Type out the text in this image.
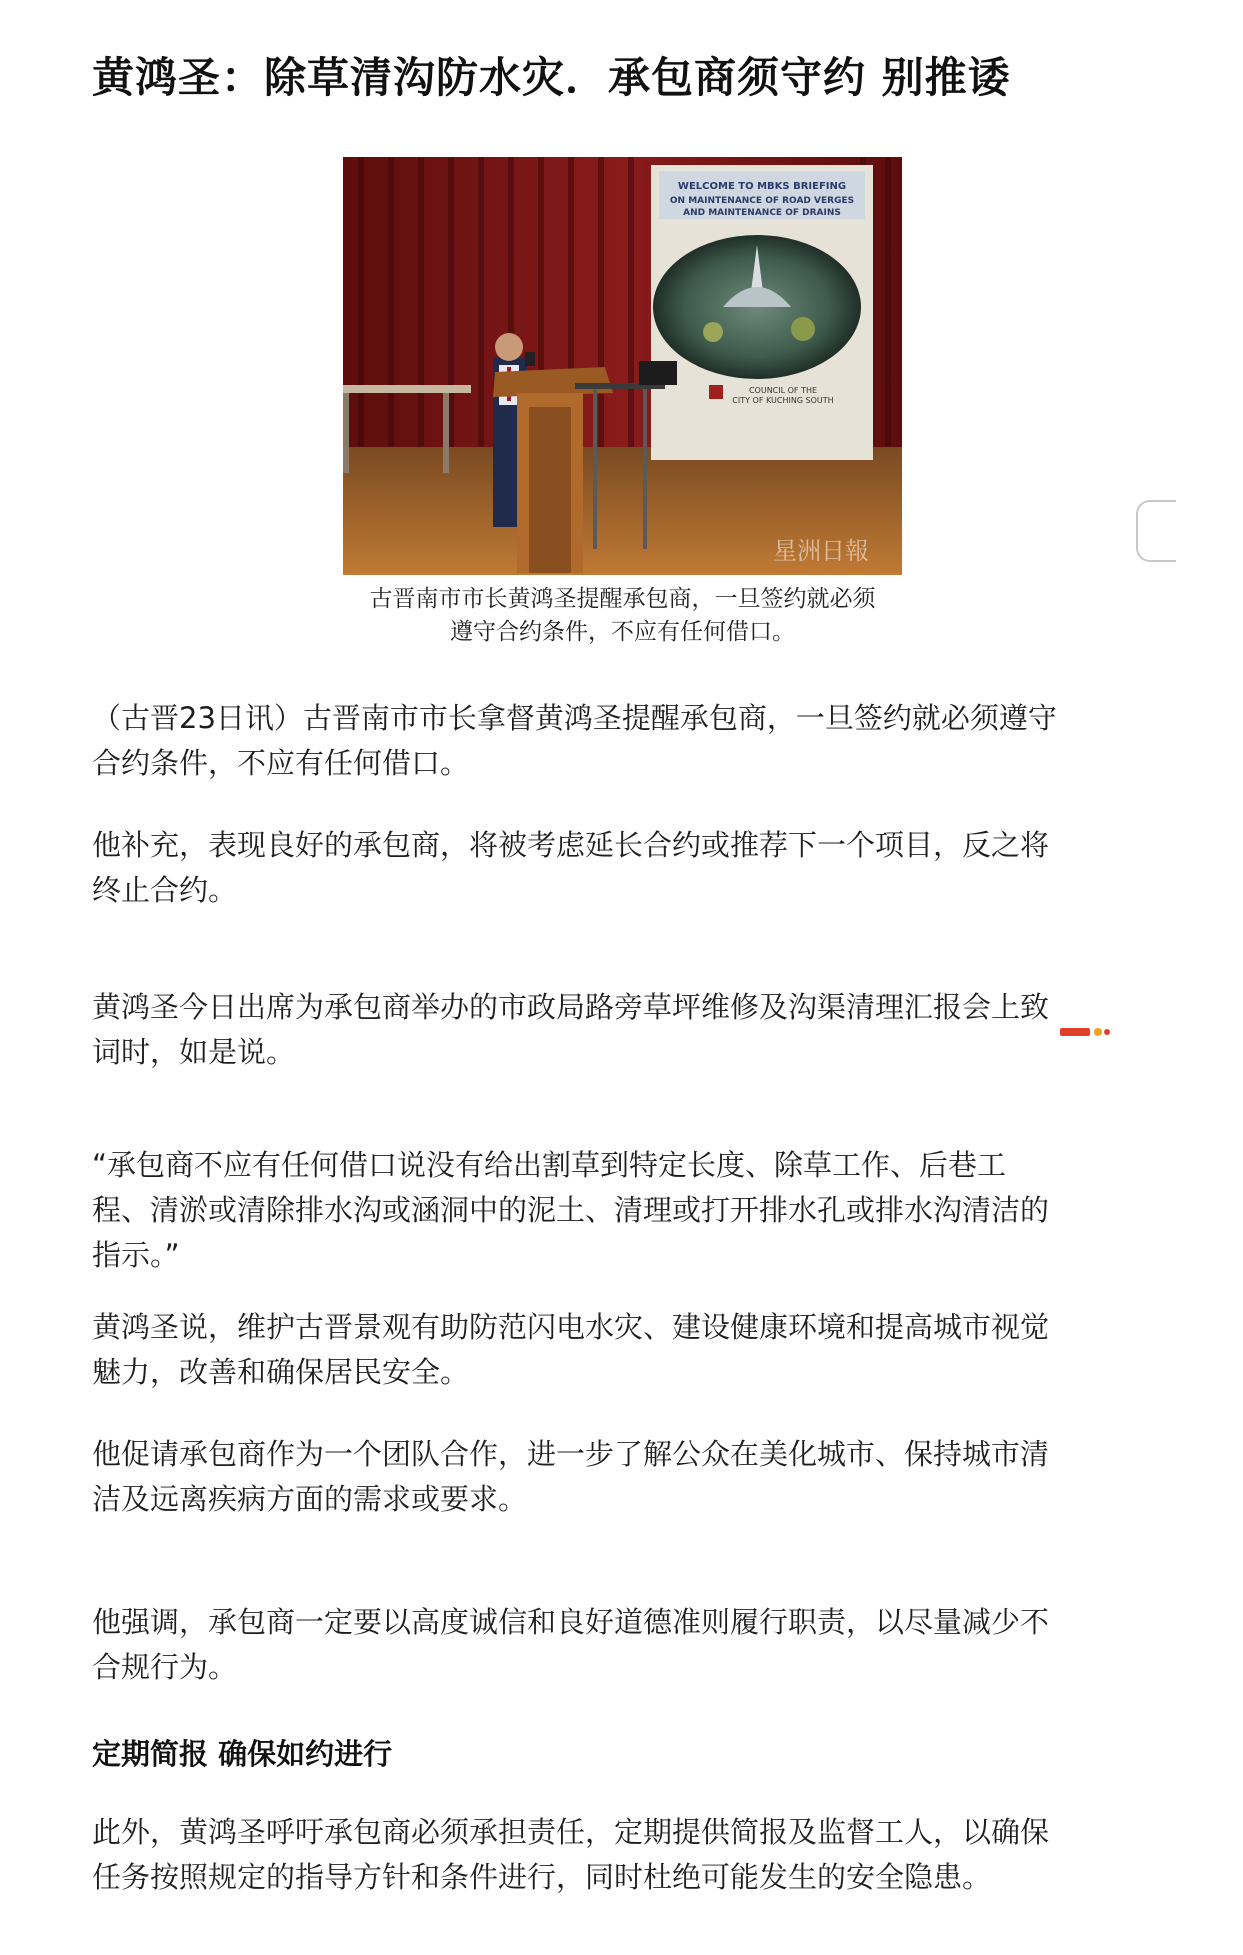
黄鸿圣：除草清沟防水灾．承包商须守约 别推诿
WELCOME TO MBKS BRIEFING
ON MAINTENANCE OF ROAD VERGES
AND MAINTENANCE OF DRAINS
COUNCIL OF THE
CITY OF KUCHING SOUTH
星洲日報
古晋南市市长黄鸿圣提醒承包商，一旦签约就必须
遵守合约条件，不应有任何借口。

（古晋23日讯）古晋南市市长拿督黄鸿圣提醒承包商，一旦签约就必须遵守
合约条件，不应有任何借口。

他补充，表现良好的承包商，将被考虑延长合约或推荐下一个项目，反之将
终止合约。

黄鸿圣今日出席为承包商举办的市政局路旁草坪维修及沟渠清理汇报会上致
词时，如是说。

“承包商不应有任何借口说没有给出割草到特定长度、除草工作、后巷工
程、清淤或清除排水沟或涵洞中的泥土、清理或打开排水孔或排水沟清洁的
指示。”

黄鸿圣说，维护古晋景观有助防范闪电水灾、建设健康环境和提高城市视觉
魅力，改善和确保居民安全。

他促请承包商作为一个团队合作，进一步了解公众在美化城市、保持城市清
洁及远离疾病方面的需求或要求。

他强调，承包商一定要以高度诚信和良好道德准则履行职责，以尽量减少不
合规行为。

定期简报 确保如约进行

此外，黄鸿圣呼吁承包商必须承担责任，定期提供简报及监督工人，以确保
任务按照规定的指导方针和条件进行，同时杜绝可能发生的安全隐患。
